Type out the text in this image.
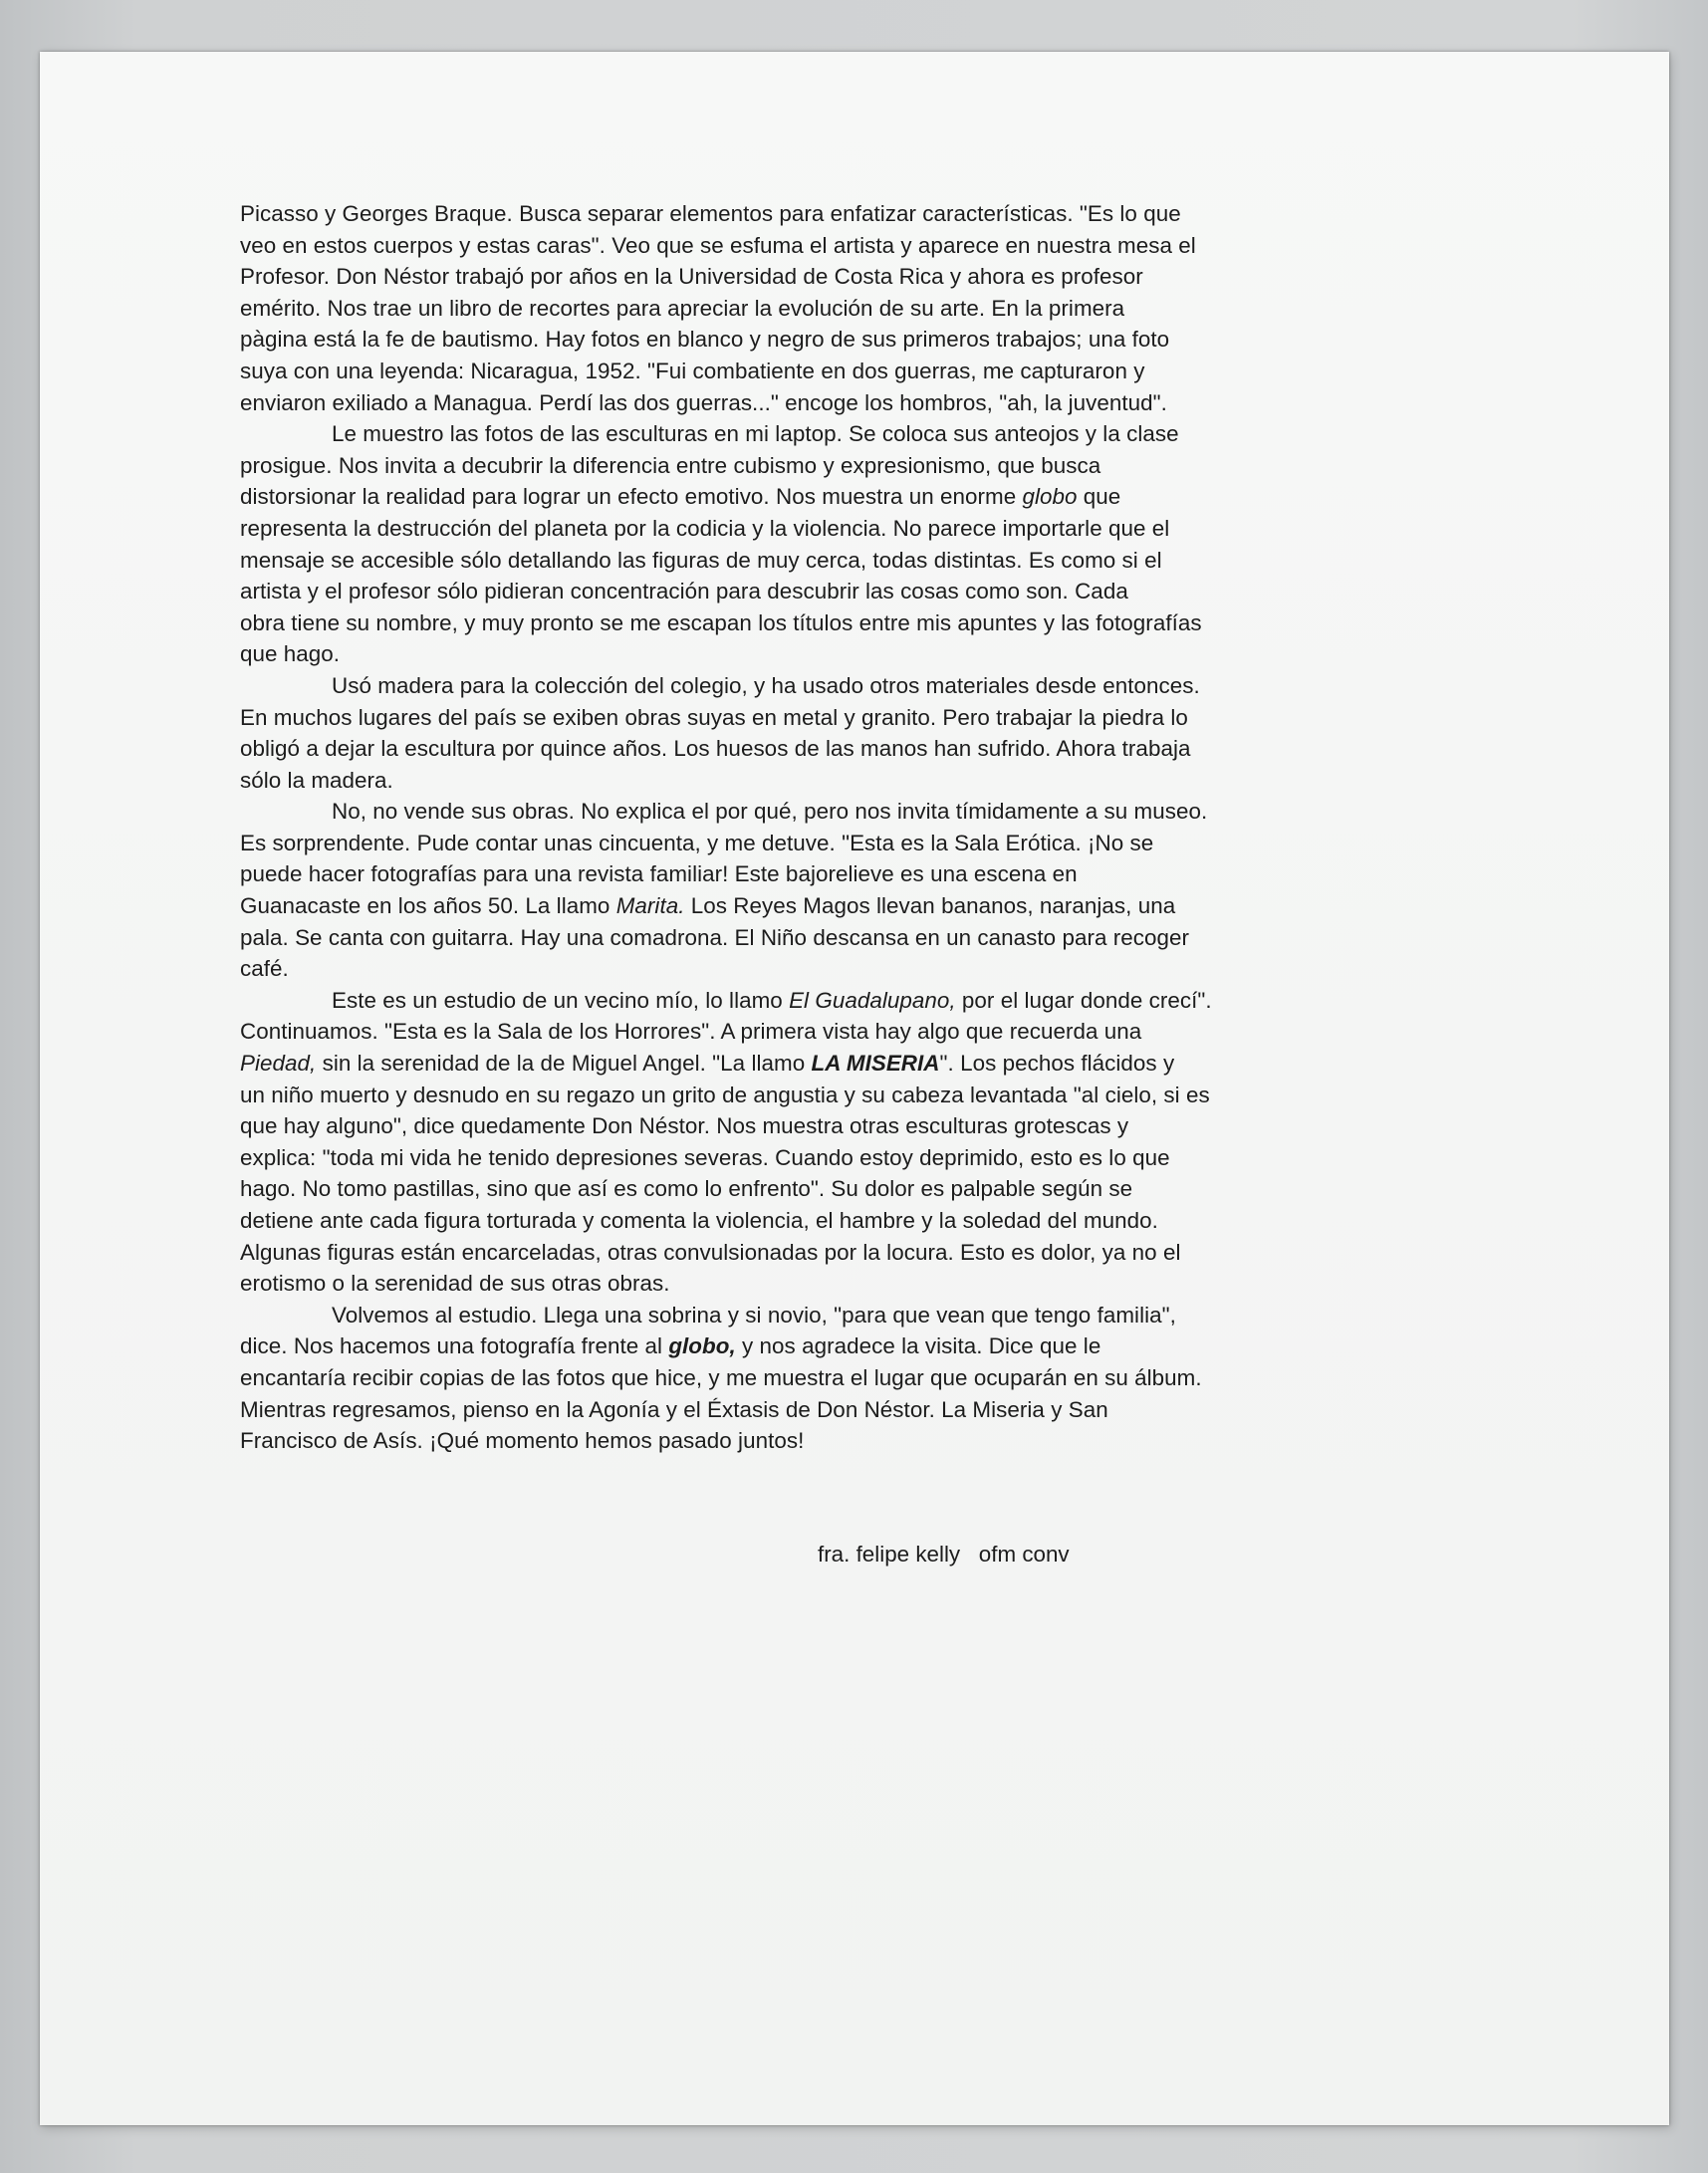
Picasso y Georges Braque. Busca separar elementos para enfatizar características. "Es lo que
veo en estos cuerpos y estas caras". Veo que se esfuma el artista y aparece en nuestra mesa el
Profesor. Don Néstor trabajó por años en la Universidad de Costa Rica y ahora es profesor
emérito. Nos trae un libro de recortes para apreciar la evolución de su arte. En la primera
pàgina está la fe de bautismo. Hay fotos en blanco y negro de sus primeros trabajos; una foto
suya con una leyenda: Nicaragua, 1952. "Fui combatiente en dos guerras, me capturaron y
enviaron exiliado a Managua. Perdí las dos guerras..." encoge los hombros, "ah, la juventud".
Le muestro las fotos de las esculturas en mi laptop. Se coloca sus anteojos y la clase
prosigue. Nos invita a decubrir la diferencia entre cubismo y expresionismo, que busca
distorsionar la realidad para lograr un efecto emotivo. Nos muestra un enorme globo que
representa la destrucción del planeta por la codicia y la violencia. No parece importarle que el
mensaje se accesible sólo detallando las figuras de muy cerca, todas distintas. Es como si el
artista y el profesor sólo pidieran concentración para descubrir las cosas como son. Cada
obra tiene su nombre, y muy pronto se me escapan los títulos entre mis apuntes y las fotografías
que hago.
Usó madera para la colección del colegio, y ha usado otros materiales desde entonces.
En muchos lugares del país se exiben obras suyas en metal y granito. Pero trabajar la piedra lo
obligó a dejar la escultura por quince años. Los huesos de las manos han sufrido. Ahora trabaja
sólo la madera.
No, no vende sus obras. No explica el por qué, pero nos invita tímidamente a su museo.
Es sorprendente. Pude contar unas cincuenta, y me detuve. "Esta es la Sala Erótica. ¡No se
puede hacer fotografías para una revista familiar! Este bajorelieve es una escena en
Guanacaste en los años 50. La llamo Marita. Los Reyes Magos llevan bananos, naranjas, una
pala. Se canta con guitarra. Hay una comadrona. El Niño descansa en un canasto para recoger
café.
Este es un estudio de un vecino mío, lo llamo El Guadalupano, por el lugar donde crecí".
Continuamos. "Esta es la Sala de los Horrores". A primera vista hay algo que recuerda una
Piedad, sin la serenidad de la de Miguel Angel. "La llamo LA MISERIA". Los pechos flácidos y
un niño muerto y desnudo en su regazo un grito de angustia y su cabeza levantada "al cielo, si es
que hay alguno", dice quedamente Don Néstor. Nos muestra otras esculturas grotescas y
explica: "toda mi vida he tenido depresiones severas. Cuando estoy deprimido, esto es lo que
hago. No tomo pastillas, sino que así es como lo enfrento". Su dolor es palpable según se
detiene ante cada figura torturada y comenta la violencia, el hambre y la soledad del mundo.
Algunas figuras están encarceladas, otras convulsionadas por la locura. Esto es dolor, ya no el
erotismo o la serenidad de sus otras obras.
Volvemos al estudio. Llega una sobrina y si novio, "para que vean que tengo familia",
dice. Nos hacemos una fotografía frente al globo, y nos agradece la visita. Dice que le
encantaría recibir copias de las fotos que hice, y me muestra el lugar que ocuparán en su álbum.
Mientras regresamos, pienso en la Agonía y el Éxtasis de Don Néstor. La Miseria y San
Francisco de Asís. ¡Qué momento hemos pasado juntos!
fra. felipe kelly   ofm conv
